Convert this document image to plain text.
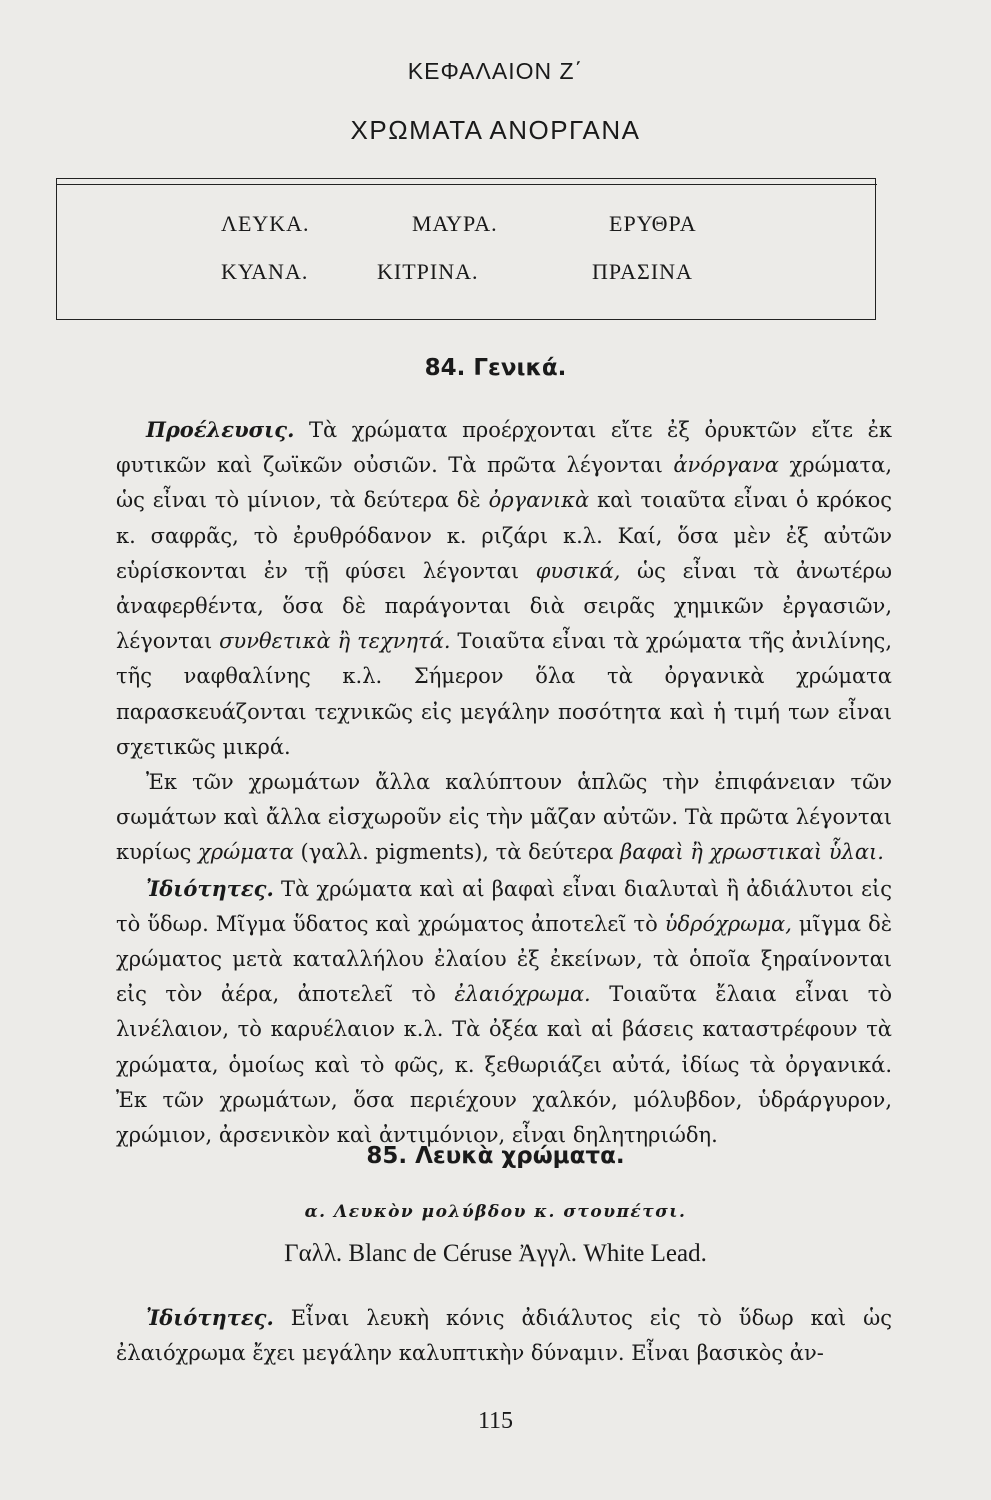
ΚΕΦΑΛΑΙΟΝ Ζ΄
ΧΡΩΜΑΤΑ ΑΝΟΡΓΑΝΑ
ΛΕΥΚΑ.	ΜΑΥΡΑ.	ΕΡΥΘΡΑ
ΚΥΑΝΑ.	ΚΙΤΡΙΝΑ.	ΠΡΑΣΙΝΑ
84. Γενικά.

Προέλευσις. Τὰ χρώματα προέρχονται εἴτε ἐξ ὀρυκτῶν εἴτε ἐκ φυτικῶν καὶ ζωϊκῶν οὐσιῶν. Τὰ πρῶτα λέγονται ἀνόργανα χρώματα, ὡς εἶναι τὸ μίνιον, τὰ δεύτερα δὲ ὀργανικὰ καὶ τοιαῦτα εἶναι ὁ κρόκος κ. σαφρᾶς, τὸ ἐρυθρόδανον κ. ριζάρι κ.λ. Καί, ὅσα μὲν ἐξ αὐτῶν εὑρίσκονται ἐν τῇ φύσει λέγονται φυσικά, ὡς εἶναι τὰ ἀνωτέρω ἀναφερθέντα, ὅσα δὲ παράγονται διὰ σειρᾶς χημικῶν ἐργασιῶν, λέγονται συνθετικὰ ἢ τεχνητά. Τοιαῦτα εἶναι τὰ χρώματα τῆς ἀνιλίνης, τῆς ναφθαλίνης κ.λ. Σήμερον ὅλα τὰ ὀργανικὰ χρώματα παρασκευάζονται τεχνικῶς εἰς μεγάλην ποσότητα καὶ ἡ τιμή των εἶναι σχετικῶς μικρά.

Ἐκ τῶν χρωμάτων ἄλλα καλύπτουν ἁπλῶς τὴν ἐπιφάνειαν τῶν σωμάτων καὶ ἄλλα εἰσχωροῦν εἰς τὴν μᾶζαν αὐτῶν. Τὰ πρῶτα λέγονται κυρίως χρώματα (γαλλ. pigments), τὰ δεύτερα βαφαὶ ἢ χρωστικαὶ ὗλαι.

Ἰδιότητες. Τὰ χρώματα καὶ αἱ βαφαὶ εἶναι διαλυταὶ ἢ ἀδιάλυτοι εἰς τὸ ὕδωρ. Μῖγμα ὕδατος καὶ χρώματος ἀποτελεῖ τὸ ὑδρόχρωμα, μῖγμα δὲ χρώματος μετὰ καταλλήλου ἐλαίου ἐξ ἐκείνων, τὰ ὁποῖα ξηραίνονται εἰς τὸν ἀέρα, ἀποτελεῖ τὸ ἐλαιόχρωμα. Τοιαῦτα ἔλαια εἶναι τὸ λινέλαιον, τὸ καρυέλαιον κ.λ. Τὰ ὀξέα καὶ αἱ βάσεις καταστρέφουν τὰ χρώματα, ὁμοίως καὶ τὸ φῶς, κ. ξεθωριάζει αὐτά, ἰδίως τὰ ὀργανικά. Ἐκ τῶν χρωμάτων, ὅσα περιέχουν χαλκόν, μόλυβδον, ὑδράργυρον, χρώμιον, ἀρσενικὸν καὶ ἀντιμόνιον, εἶναι δηλητηριώδη.

85. Λευκὰ χρώματα.
α. Λευκὸν μολύβδου κ. στουπέτσι.
Γαλλ. Blanc de Céruse Ἀγγλ. White Lead.

Ἰδιότητες. Εἶναι λευκὴ κόνις ἀδιάλυτος εἰς τὸ ὕδωρ καὶ ὡς ἐλαιόχρωμα ἔχει μεγάλην καλυπτικὴν δύναμιν. Εἶναι βασικὸς ἀν-

115
